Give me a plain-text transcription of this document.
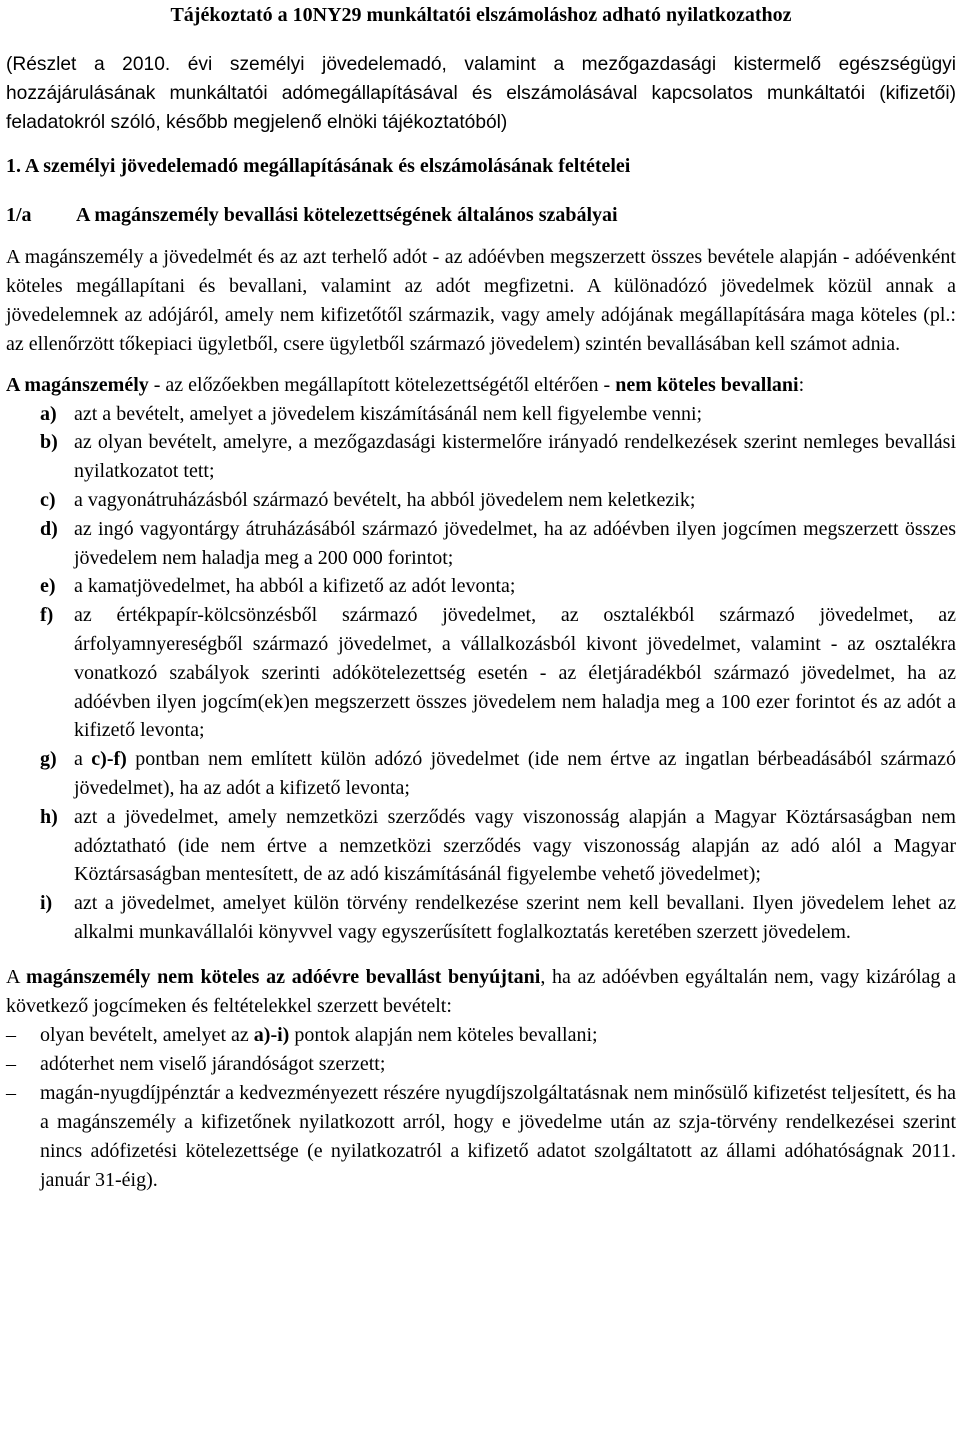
Tájékoztató a 10NY29 munkáltatói elszámoláshoz adható nyilatkozathoz

(Részlet a 2010. évi személyi jövedelemadó, valamint a mezőgazdasági kistermelő egészségügyi hozzájárulásának munkáltatói adómegállapításával és elszámolásával kapcsolatos munkáltatói (kifizetői) feladatokról szóló, később megjelenő elnöki tájékoztatóból)

1. A személyi jövedelemadó megállapításának és elszámolásának feltételei

1/a	A magánszemély bevallási kötelezettségének általános szabályai

A magánszemély a jövedelmét és az azt terhelő adót - az adóévben megszerzett összes bevétele alapján - adóévenként köteles megállapítani és bevallani, valamint az adót megfizetni. A különadózó jövedelmek közül annak a jövedelemnek az adójáról, amely nem kifizetőtől származik, vagy amely adójának megállapítására maga köteles (pl.: az ellenőrzött tőkepiaci ügyletből, csere ügyletből származó jövedelem) szintén bevallásában kell számot adnia.

A magánszemély - az előzőekben megállapított kötelezettségétől eltérően - nem köteles bevallani:

a) azt a bevételt, amelyet a jövedelem kiszámításánál nem kell figyelembe venni;
b) az olyan bevételt, amelyre, a mezőgazdasági kistermelőre irányadó rendelkezések szerint nemleges bevallási nyilatkozatot tett;
c) a vagyonátruházásból származó bevételt, ha abból jövedelem nem keletkezik;
d) az ingó vagyontárgy átruházásából származó jövedelmet, ha az adóévben ilyen jogcímen megszerzett összes jövedelem nem haladja meg a 200 000 forintot;
e) a kamatjövedelmet, ha abból a kifizető az adót levonta;
f)	az értékpapír-kölcsönzésből származó jövedelmet, az osztalékból származó jövedelmet, az árfolyamnyereségből származó jövedelmet, a vállalkozásból kivont jövedelmet, valamint - az osztalékra vonatkozó szabályok szerinti adókötelezettség esetén - az életjáradékból származó jövedelmet, ha az adóévben ilyen jogcím(ek)en megszerzett összes jövedelem nem haladja meg a 100 ezer forintot és az adót a kifizető levonta;
g) a c)-f) pontban nem említett külön adózó jövedelmet (ide nem értve az ingatlan bérbeadásából származó jövedelmet), ha az adót a kifizető levonta;
h) azt a jövedelmet, amely nemzetközi szerződés vagy viszonosság alapján a Magyar Köztársaságban nem adóztatható (ide nem értve a nemzetközi szerződés vagy viszonosság alapján az adó alól a Magyar Köztársaságban mentesített, de az adó kiszámításánál figyelembe vehető jövedelmet);
i)	azt a jövedelmet, amelyet külön törvény rendelkezése szerint nem kell bevallani. Ilyen jövedelem lehet az alkalmi munkavállalói könyvvel vagy egyszerűsített foglalkoztatás keretében szerzett jövedelem.

A magánszemély nem köteles az adóévre bevallást benyújtani, ha az adóévben egyáltalán nem, vagy kizárólag a következő jogcímeken és feltételekkel szerzett bevételt:

–	olyan bevételt, amelyet az a)-i) pontok alapján nem köteles bevallani;
–	adóterhet nem viselő járandóságot szerzett;
–	magán-nyugdíjpénztár a kedvezményezett részére nyugdíjszolgáltatásnak nem minősülő kifizetést teljesített, és ha a magánszemély a kifizetőnek nyilatkozott arról, hogy e jövedelme után az szja-törvény rendelkezései szerint nincs adófizetési kötelezettsége (e nyilatkozatról a kifizető adatot szolgáltatott az állami adóhatóságnak 2011. január 31-éig).
